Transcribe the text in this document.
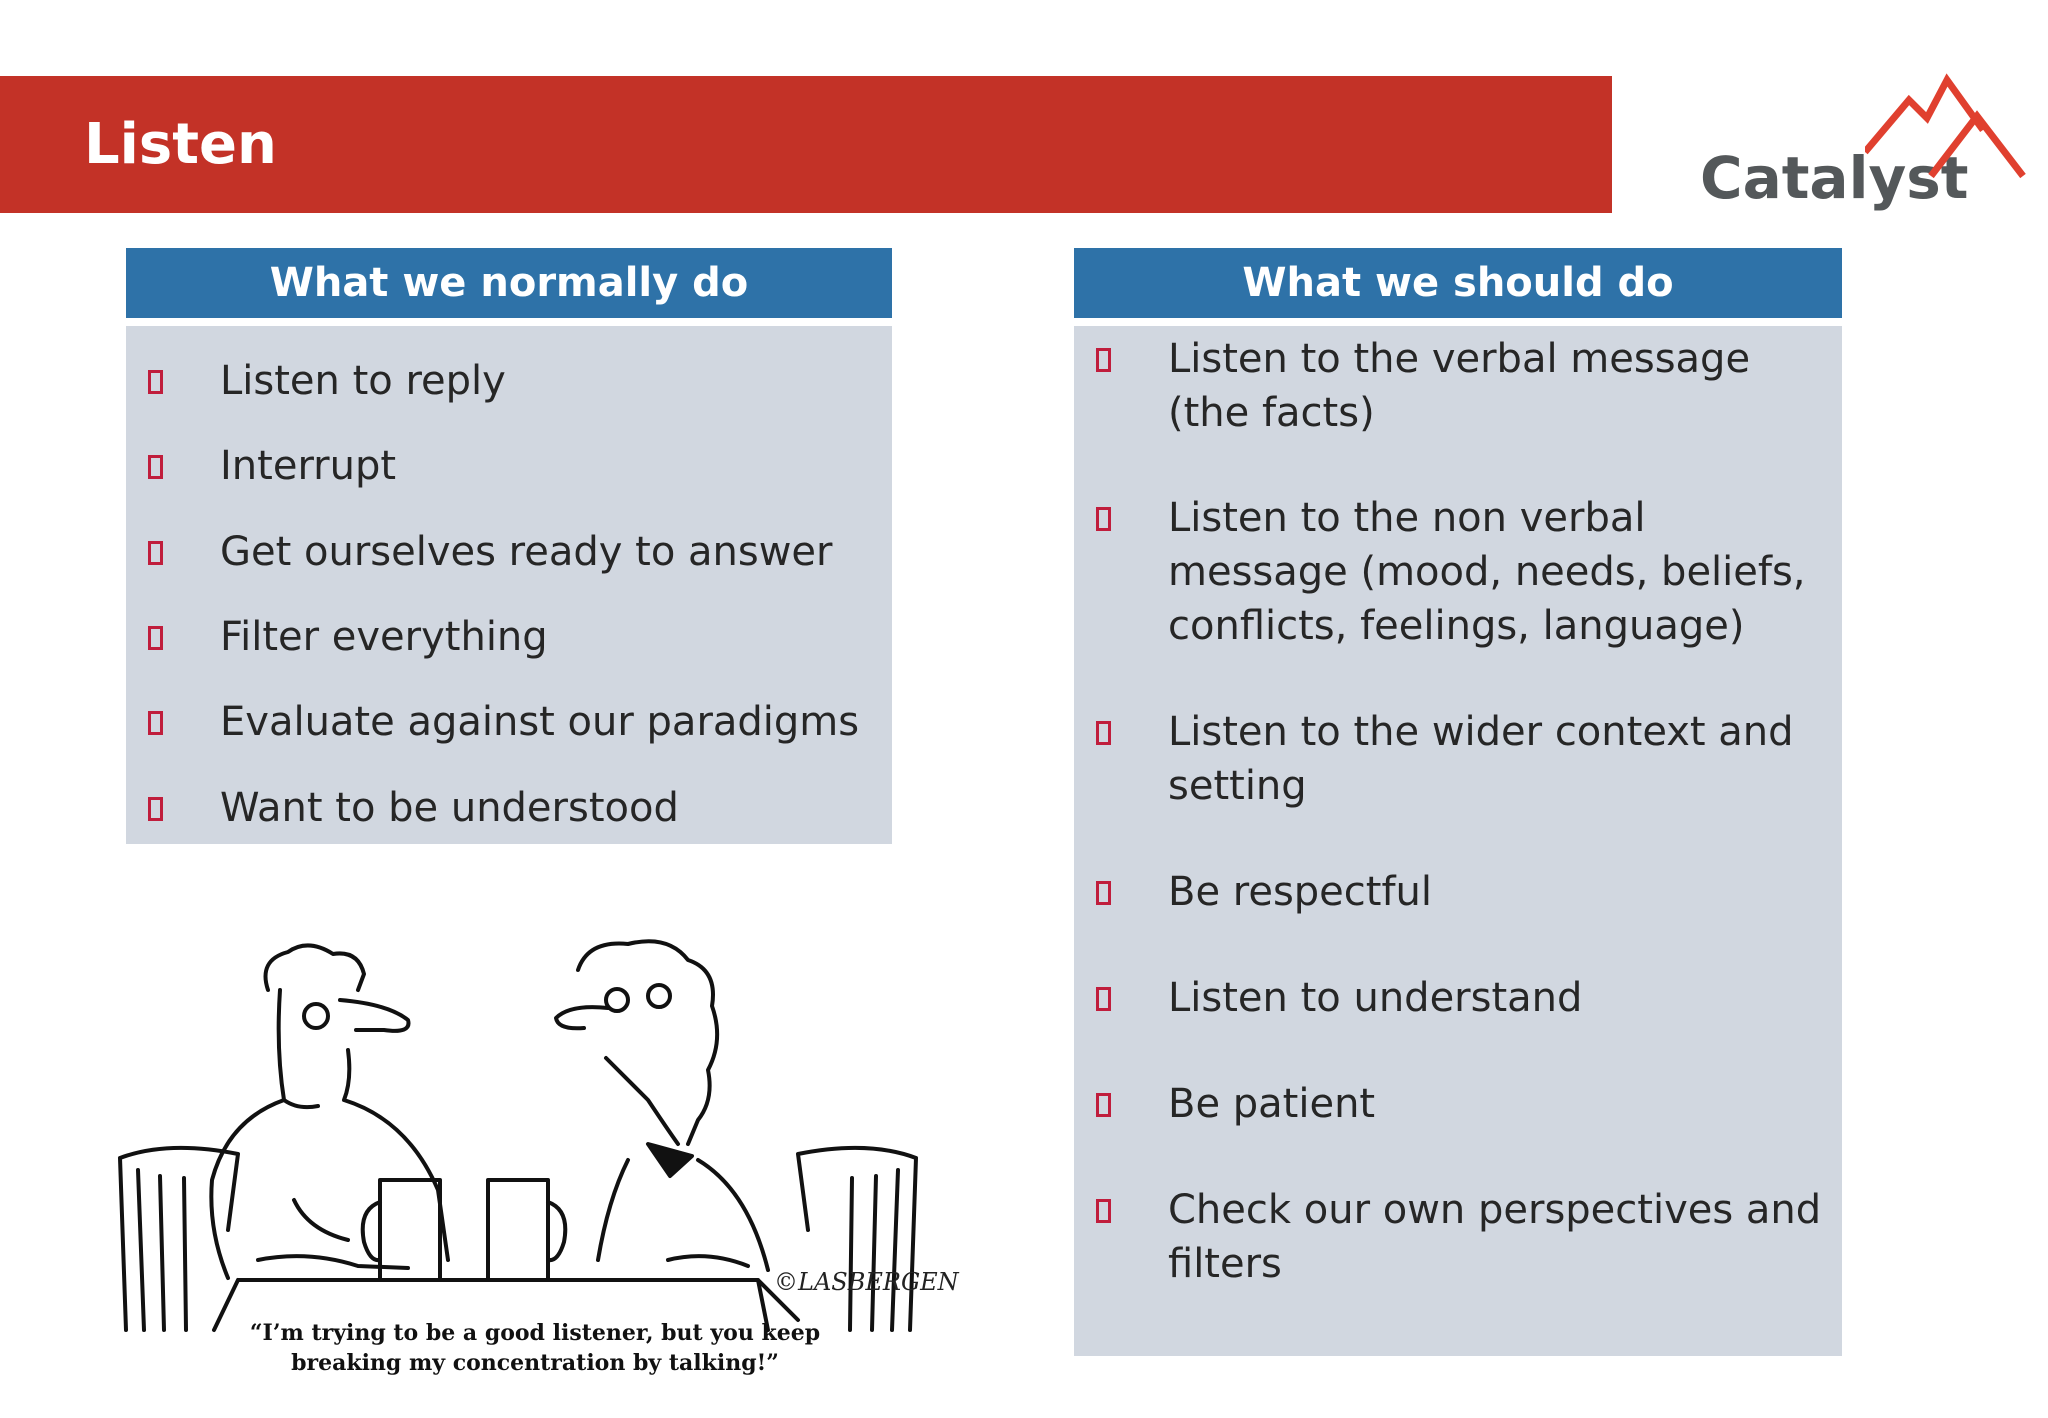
Listen	Catalyst
What we normally do
Listen to reply
Interrupt
Get ourselves ready to answer
Filter everything
Evaluate against our paradigms
Want to be understood
What we should do
Listen to the verbal message (the facts)
Listen to the non verbal message (mood, needs, beliefs, conflicts, feelings, language)
Listen to the wider context and setting
Be respectful
Listen to understand
Be patient
Check our own perspectives and filters
©LASBERGEN
“I’m trying to be a good listener, but you keep breaking my concentration by talking!”
